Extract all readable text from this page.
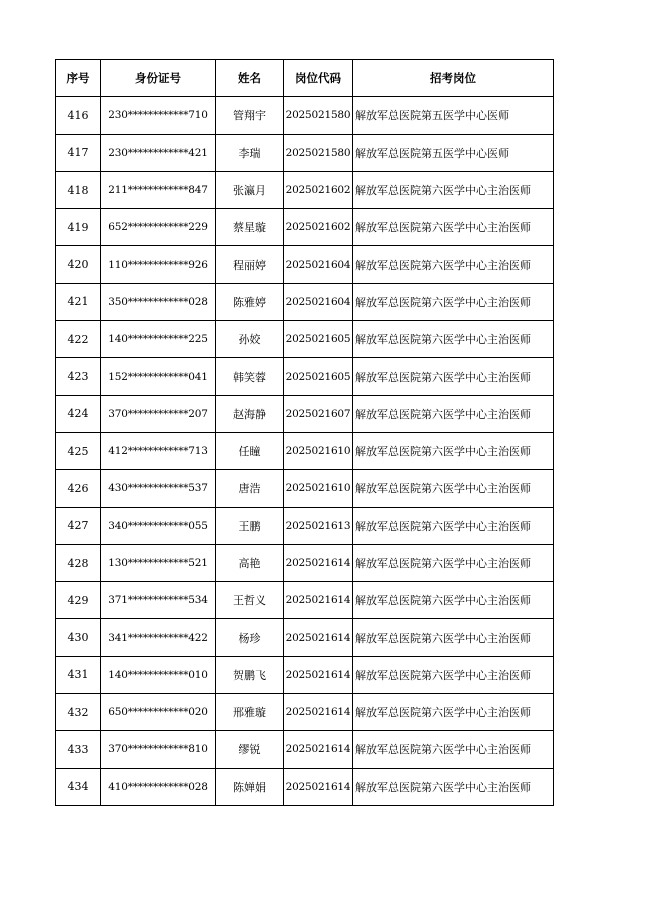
序号	身份证号	姓名	岗位代码	招考岗位
416	230************710	管翔宇	2025021580	解放军总医院第五医学中心医师
417	230************421	李瑞	2025021580	解放军总医院第五医学中心医师
418	211************847	张瀛月	2025021602	解放军总医院第六医学中心主治医师
419	652************229	蔡星璇	2025021602	解放军总医院第六医学中心主治医师
420	110************926	程丽婷	2025021604	解放军总医院第六医学中心主治医师
421	350************028	陈雅婷	2025021604	解放军总医院第六医学中心主治医师
422	140************225	孙姣	2025021605	解放军总医院第六医学中心主治医师
423	152************041	韩笑蓉	2025021605	解放军总医院第六医学中心主治医师
424	370************207	赵海静	2025021607	解放军总医院第六医学中心主治医师
425	412************713	任瞳	2025021610	解放军总医院第六医学中心主治医师
426	430************537	唐浩	2025021610	解放军总医院第六医学中心主治医师
427	340************055	王鹏	2025021613	解放军总医院第六医学中心主治医师
428	130************521	高艳	2025021614	解放军总医院第六医学中心主治医师
429	371************534	王哲义	2025021614	解放军总医院第六医学中心主治医师
430	341************422	杨珍	2025021614	解放军总医院第六医学中心主治医师
431	140************010	贺鹏飞	2025021614	解放军总医院第六医学中心主治医师
432	650************020	邢雅璇	2025021614	解放军总医院第六医学中心主治医师
433	370************810	缪锐	2025021614	解放军总医院第六医学中心主治医师
434	410************028	陈婵娟	2025021614	解放军总医院第六医学中心主治医师
